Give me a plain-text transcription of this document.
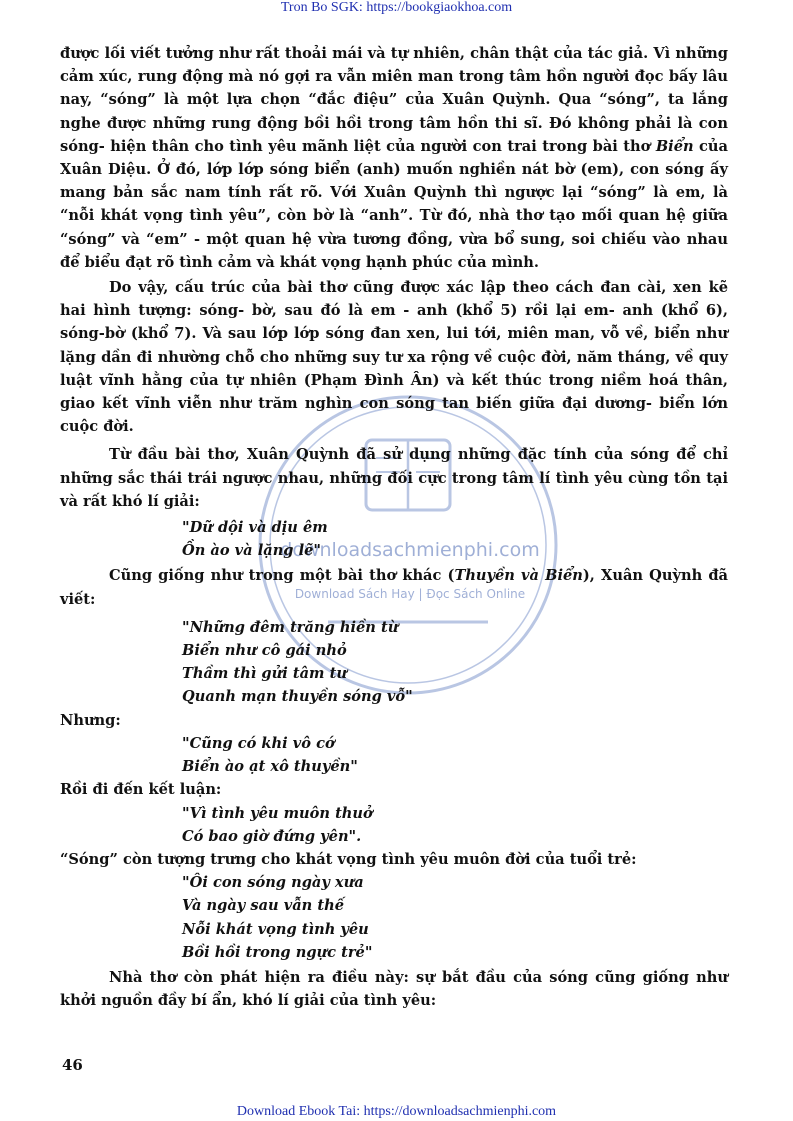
Tron Bo SGK: https://bookgiaokhoa.com
downloadsachmienphi.com
Download Sách Hay | Đọc Sách Online

được lối viết tưởng như rất thoải mái và tự nhiên, chân thật của tác giả. Vì những cảm xúc, rung động mà nó gợi ra vẫn miên man trong tâm hồn người đọc bấy lâu nay, “sóng” là một lựa chọn “đắc điệu” của Xuân Quỳnh. Qua “sóng”, ta lắng nghe được những rung động bồi hồi trong tâm hồn thi sĩ. Đó không phải là con sóng- hiện thân cho tình yêu mãnh liệt của người con trai trong bài thơ Biển của Xuân Diệu. Ở đó, lớp lớp sóng biển (anh) muốn nghiền nát bờ (em), con sóng ấy mang bản sắc nam tính rất rõ. Với Xuân Quỳnh thì ngược lại “sóng” là em, là “nỗi khát vọng tình yêu”, còn bờ là “anh”. Từ đó, nhà thơ tạo mối quan hệ giữa “sóng” và “em” - một quan hệ vừa tương đồng, vừa bổ sung, soi chiếu vào nhau để biểu đạt rõ tình cảm và khát vọng hạnh phúc của mình.

Do vậy, cấu trúc của bài thơ cũng được xác lập theo cách đan cài, xen kẽ hai hình tượng: sóng- bờ, sau đó là em - anh (khổ 5) rồi lại em- anh (khổ 6), sóng-bờ (khổ 7). Và sau lớp lớp sóng đan xen, lui tới, miên man, vỗ về, biển như lặng dần đi nhường chỗ cho những suy tư xa rộng về cuộc đời, năm tháng, về quy luật vĩnh hằng của tự nhiên (Phạm Đình Ân) và kết thúc trong niềm hoá thân, giao kết vĩnh viễn như trăm nghìn con sóng tan biến giữa đại dương- biển lớn cuộc đời.

Từ đầu bài thơ, Xuân Quỳnh đã sử dụng những đặc tính của sóng để chỉ những sắc thái trái ngược nhau, những đối cực trong tâm lí tình yêu cùng tồn tại và rất khó lí giải:

"Dữ dội và dịu êm
Ồn ào và lặng lẽ"

Cũng giống như trong một bài thơ khác (Thuyền và Biển), Xuân Quỳnh đã viết:

"Những đêm trăng hiền từ
Biển như cô gái nhỏ
Thầm thì gửi tâm tư
Quanh mạn thuyền sóng vỗ"

Nhưng:

"Cũng có khi vô cớ
Biển ào ạt xô thuyền"

Rồi đi đến kết luận:

"Vì tình yêu muôn thuở
Có bao giờ đứng yên".

“Sóng” còn tượng trưng cho khát vọng tình yêu muôn đời của tuổi trẻ:

"Ôi con sóng ngày xưa
Và ngày sau vẫn thế
Nỗi khát vọng tình yêu
Bồi hồi trong ngực trẻ"

Nhà thơ còn phát hiện ra điều này: sự bắt đầu của sóng cũng giống như khởi nguồn đầy bí ẩn, khó lí giải của tình yêu:

46
Download Ebook Tai: https://downloadsachmienphi.com
